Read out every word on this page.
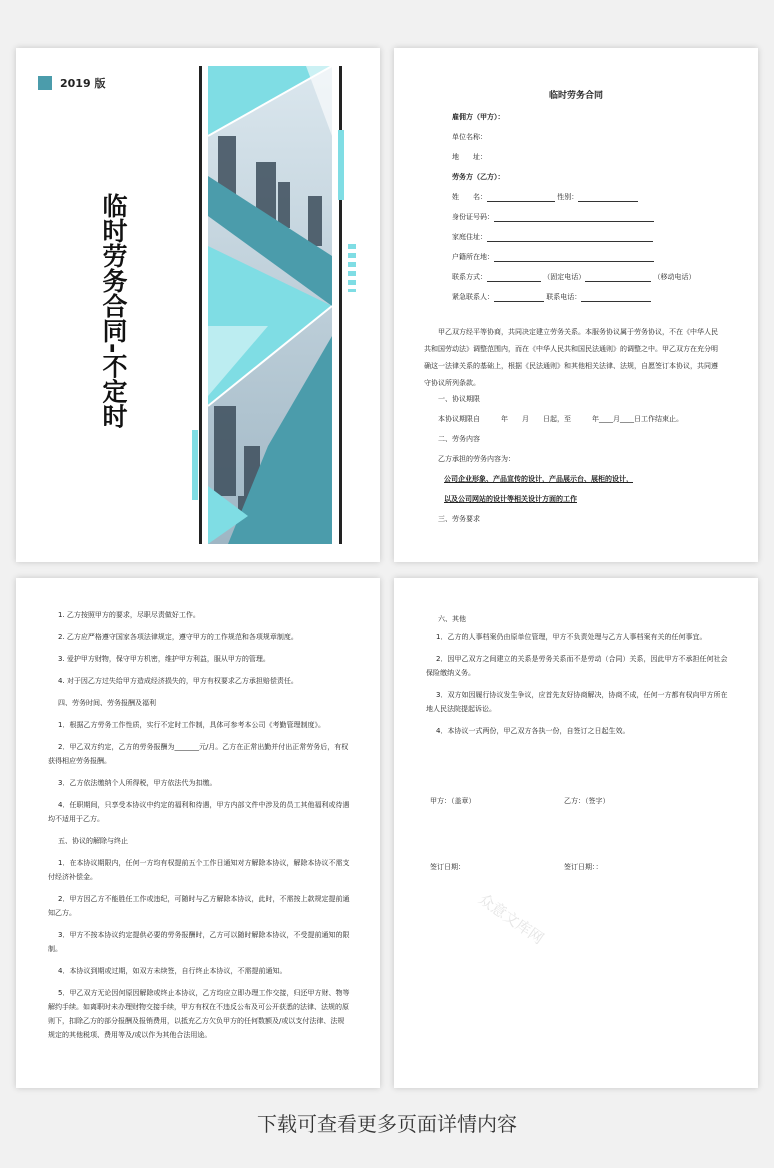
2019 版
临时劳务合同-不定时
临时劳务合同
雇佣方（甲方）：
单位名称：
地　　址：
劳务方（乙方）：
姓　　名：	性别：
身份证号码：
家庭住址：
户籍所在地：
联系方式：	（固定电话）	（移动电话）
紧急联系人：	联系电话：
甲乙双方经平等协商，共同决定建立劳务关系。本服务协议属于劳务协议，不在《中华人民共和国劳动法》调整范围内，而在《中华人民共和国民法通则》的调整之中。甲乙双方在充分明确这一法律关系的基础上，根据《民法通则》和其他相关法律、法规，自愿签订本协议，共同遵守协议所列条款。
一、协议期限
本协议期限自　　　年　　月　　日起，至　　　年____月____日工作结束止。
二、劳务内容
乙方承担的劳务内容为：
公司企业形象、产品宣传的设计，产品展示台、展柜的设计，
以及公司网站的设计等相关设计方面的工作
三、劳务要求
1. 乙方按照甲方的要求，尽职尽责做好工作。
2. 乙方应严格遵守国家各项法律规定，遵守甲方的工作规范和各项规章制度。
3. 爱护甲方财物，保守甲方机密，维护甲方利益，服从甲方的管理。
4. 对于因乙方过失给甲方造成经济损失的，甲方有权要求乙方承担赔偿责任。
四、劳务时间、劳务报酬及福利
1．根据乙方劳务工作性质，实行不定时工作制，具体可参考本公司《考勤管理制度》。
2．甲乙双方约定，乙方的劳务报酬为_______元/月。乙方在正常出勤并付出正常劳务后，有权获得相应劳务报酬。
3．乙方依法缴纳个人所得税，甲方依法代为扣缴。
4．任职期间，只享受本协议中约定的福利和待遇，甲方内部文件中涉及的员工其他福利或待遇均不适用于乙方。
五、协议的解除与终止
1．在本协议期限内，任何一方均有权提前五个工作日通知对方解除本协议，解除本协议不需支付经济补偿金。
2．甲方因乙方不能胜任工作或违纪，可随时与乙方解除本协议，此时，不需按上款规定提前通知乙方。
3．甲方不按本协议约定提供必要的劳务报酬时，乙方可以随时解除本协议，不受提前通知的限制。
4．本协议到期或过期，如双方未续签，自行终止本协议，不需提前通知。
5．甲乙双方无论因何原因解除或终止本协议，乙方均应立即办理工作交接，归还甲方财、物等解约手续。如离职时未办理财物交接手续，甲方有权在不违反公布及可公开获悉的法律、法规的原则下，扣除乙方的部分报酬及报销费用，以抵充乙方欠负甲方的任何数额及/或以支付法律、法规规定的其他税项、费用等及/或以作为其他合法用途。
六、其他
1．乙方的人事档案仍由原单位管理，甲方不负责处理与乙方人事档案有关的任何事宜。
2．因甲乙双方之间建立的关系是劳务关系而不是劳动（合同）关系，因此甲方不承担任何社会保险缴纳义务。
3．双方如因履行协议发生争议，应首先友好协商解决，协商不成，任何一方都有权向甲方所在地人民法院提起诉讼。
4．本协议一式两份，甲乙双方各执一份，自签订之日起生效。
甲方：（盖章）	乙方：（签字）
签订日期：	签订日期：：
众意文库网
下载可查看更多页面详情内容
